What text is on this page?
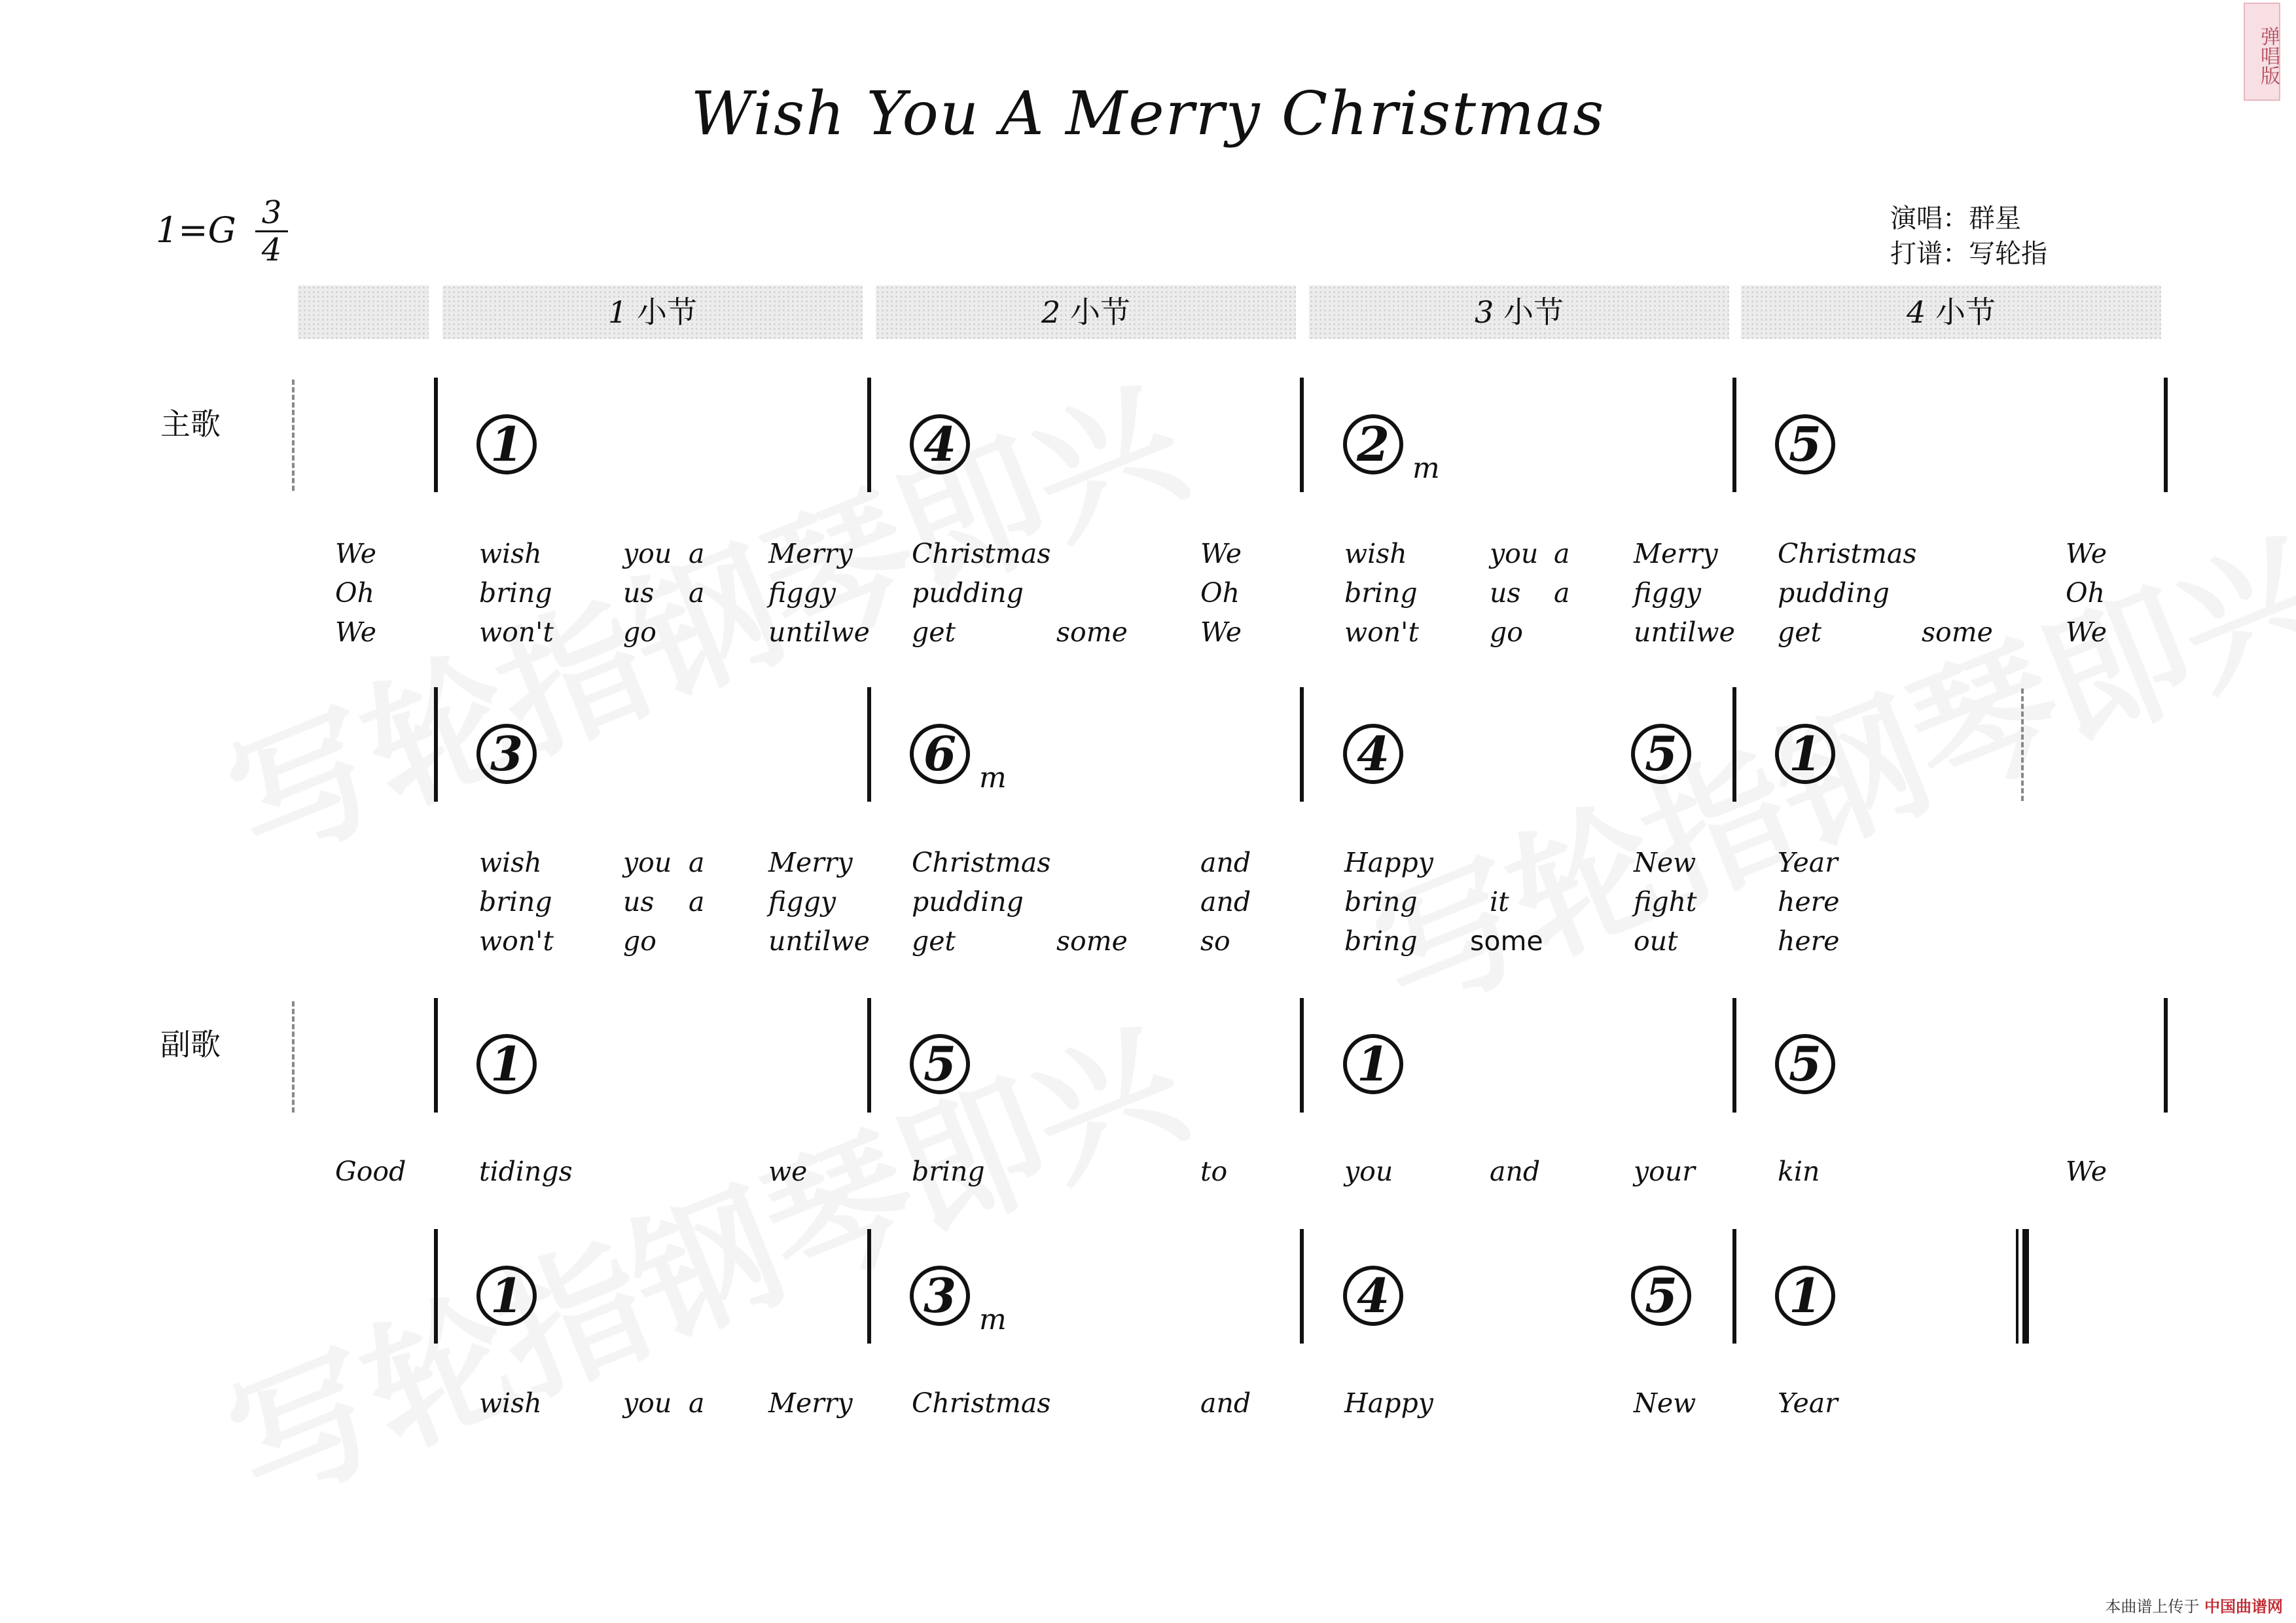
弹唱版
Wish You A Merry Christmas
1=G 3
4
演唱：群星
打谱：写轮指
1 小节	2 小节	3 小节	4 小节
主歌
副歌
1	4	2 m	5
We	wish	you a Merry Christmas	We	wish	you a Merry Christmas	We
Oh	bring	us a figgy	pudding	Oh	bring	us a figgy	pudding	Oh
We	won't	go	untilwe get	some	We	won't	go	untilwe get	some	We
3	6 m	4	5 1
wish	you a Merry Christmas	and	Happy	New	Year
bring	us a figgy	pudding	and	bring	it	fight	here
won't	go	untilwe get	some	so	bring some	out	here
1	5	1	5
Good	tidings	we	bring	to	you	and	your	kin	We
1	3 m	4	5 1
wish	you a Merry Christmas	and	Happy	New	Year
本曲谱上传于 中国曲谱网
